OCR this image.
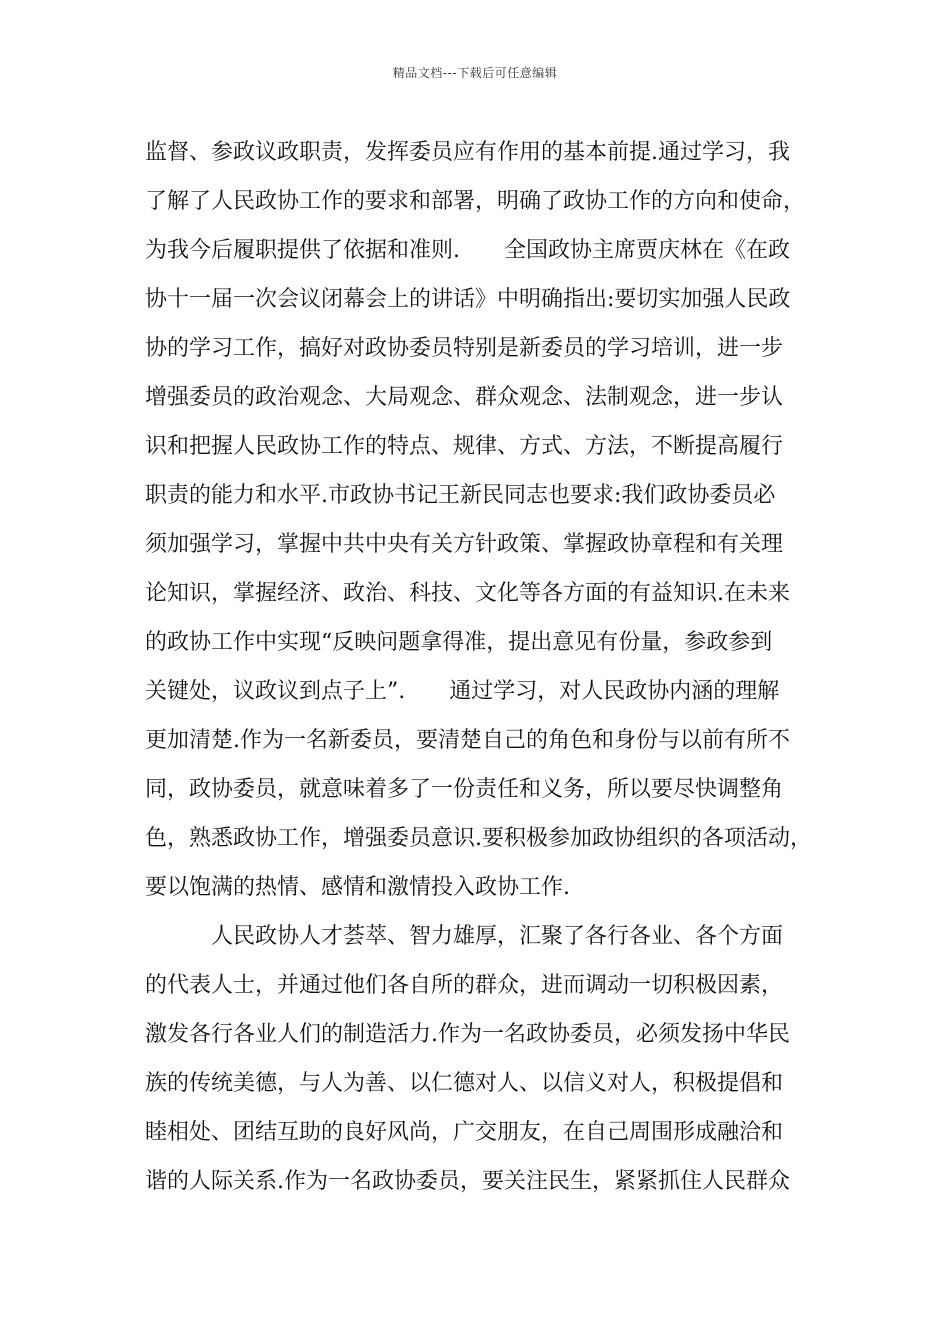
精品文档---下载后可任意编辑
监督、参政议政职责，发挥委员应有作用的基本前提.通过学习，我
了解了人民政协工作的要求和部署，明确了政协工作的方向和使命，
为我今后履职提供了依据和准则.　　全国政协主席贾庆林在《在政
协十一届一次会议闭幕会上的讲话》中明确指出:要切实加强人民政
协的学习工作，搞好对政协委员特别是新委员的学习培训，进一步
增强委员的政治观念、大局观念、群众观念、法制观念，进一步认
识和把握人民政协工作的特点、规律、方式、方法，不断提高履行
职责的能力和水平.市政协书记王新民同志也要求:我们政协委员必
须加强学习，掌握中共中央有关方针政策、掌握政协章程和有关理
论知识，掌握经济、政治、科技、文化等各方面的有益知识.在未来
的政协工作中实现“反映问题拿得准，提出意见有份量，参政参到
关键处，议政议到点子上”.　　通过学习，对人民政协内涵的理解
更加清楚.作为一名新委员，要清楚自己的角色和身份与以前有所不
同，政协委员，就意味着多了一份责任和义务，所以要尽快调整角
色，熟悉政协工作，增强委员意识.要积极参加政协组织的各项活动，
要以饱满的热情、感情和激情投入政协工作.
　　　人民政协人才荟萃、智力雄厚，汇聚了各行各业、各个方面
的代表人士，并通过他们各自所的群众，进而调动一切积极因素，
激发各行各业人们的制造活力.作为一名政协委员，必须发扬中华民
族的传统美德，与人为善、以仁德对人、以信义对人，积极提倡和
睦相处、团结互助的良好风尚，广交朋友，在自己周围形成融洽和
谐的人际关系.作为一名政协委员，要关注民生，紧紧抓住人民群众
